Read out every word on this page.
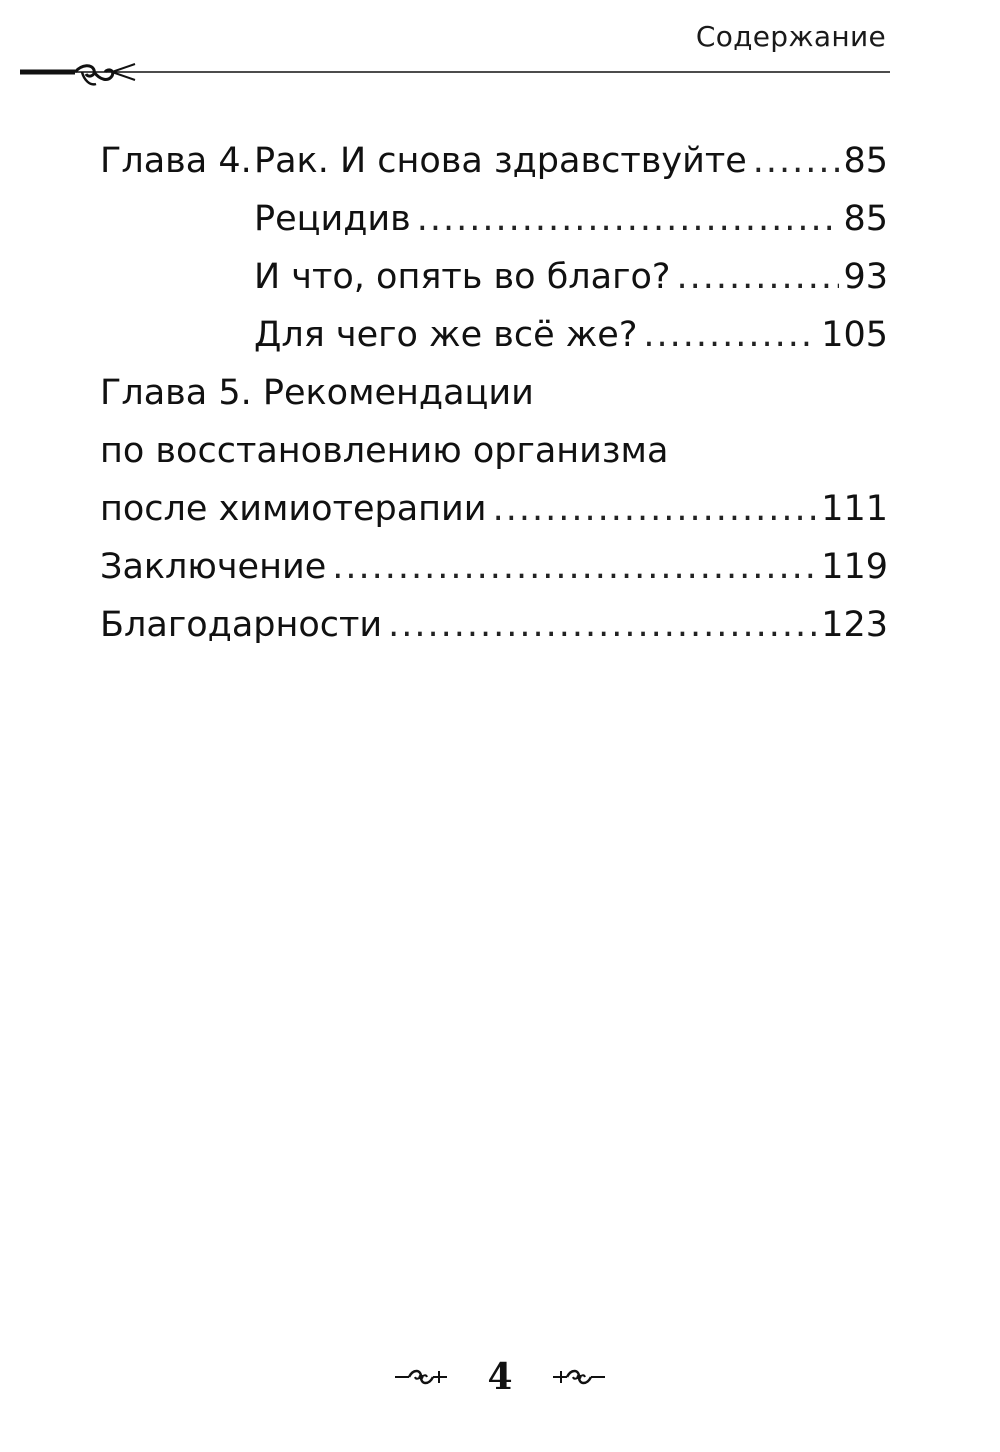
Содержание
Глава 4.Рак. И снова здравствуйте .....	85
Рецидив .....	85
И что, опять во благо? .....	93
Для чего же всё же? .....	105
Глава 5. Рекомендации
по восстановлению организма
после химиотерапии .....	111
Заключение .....	119
Благодарности .....	123
4
